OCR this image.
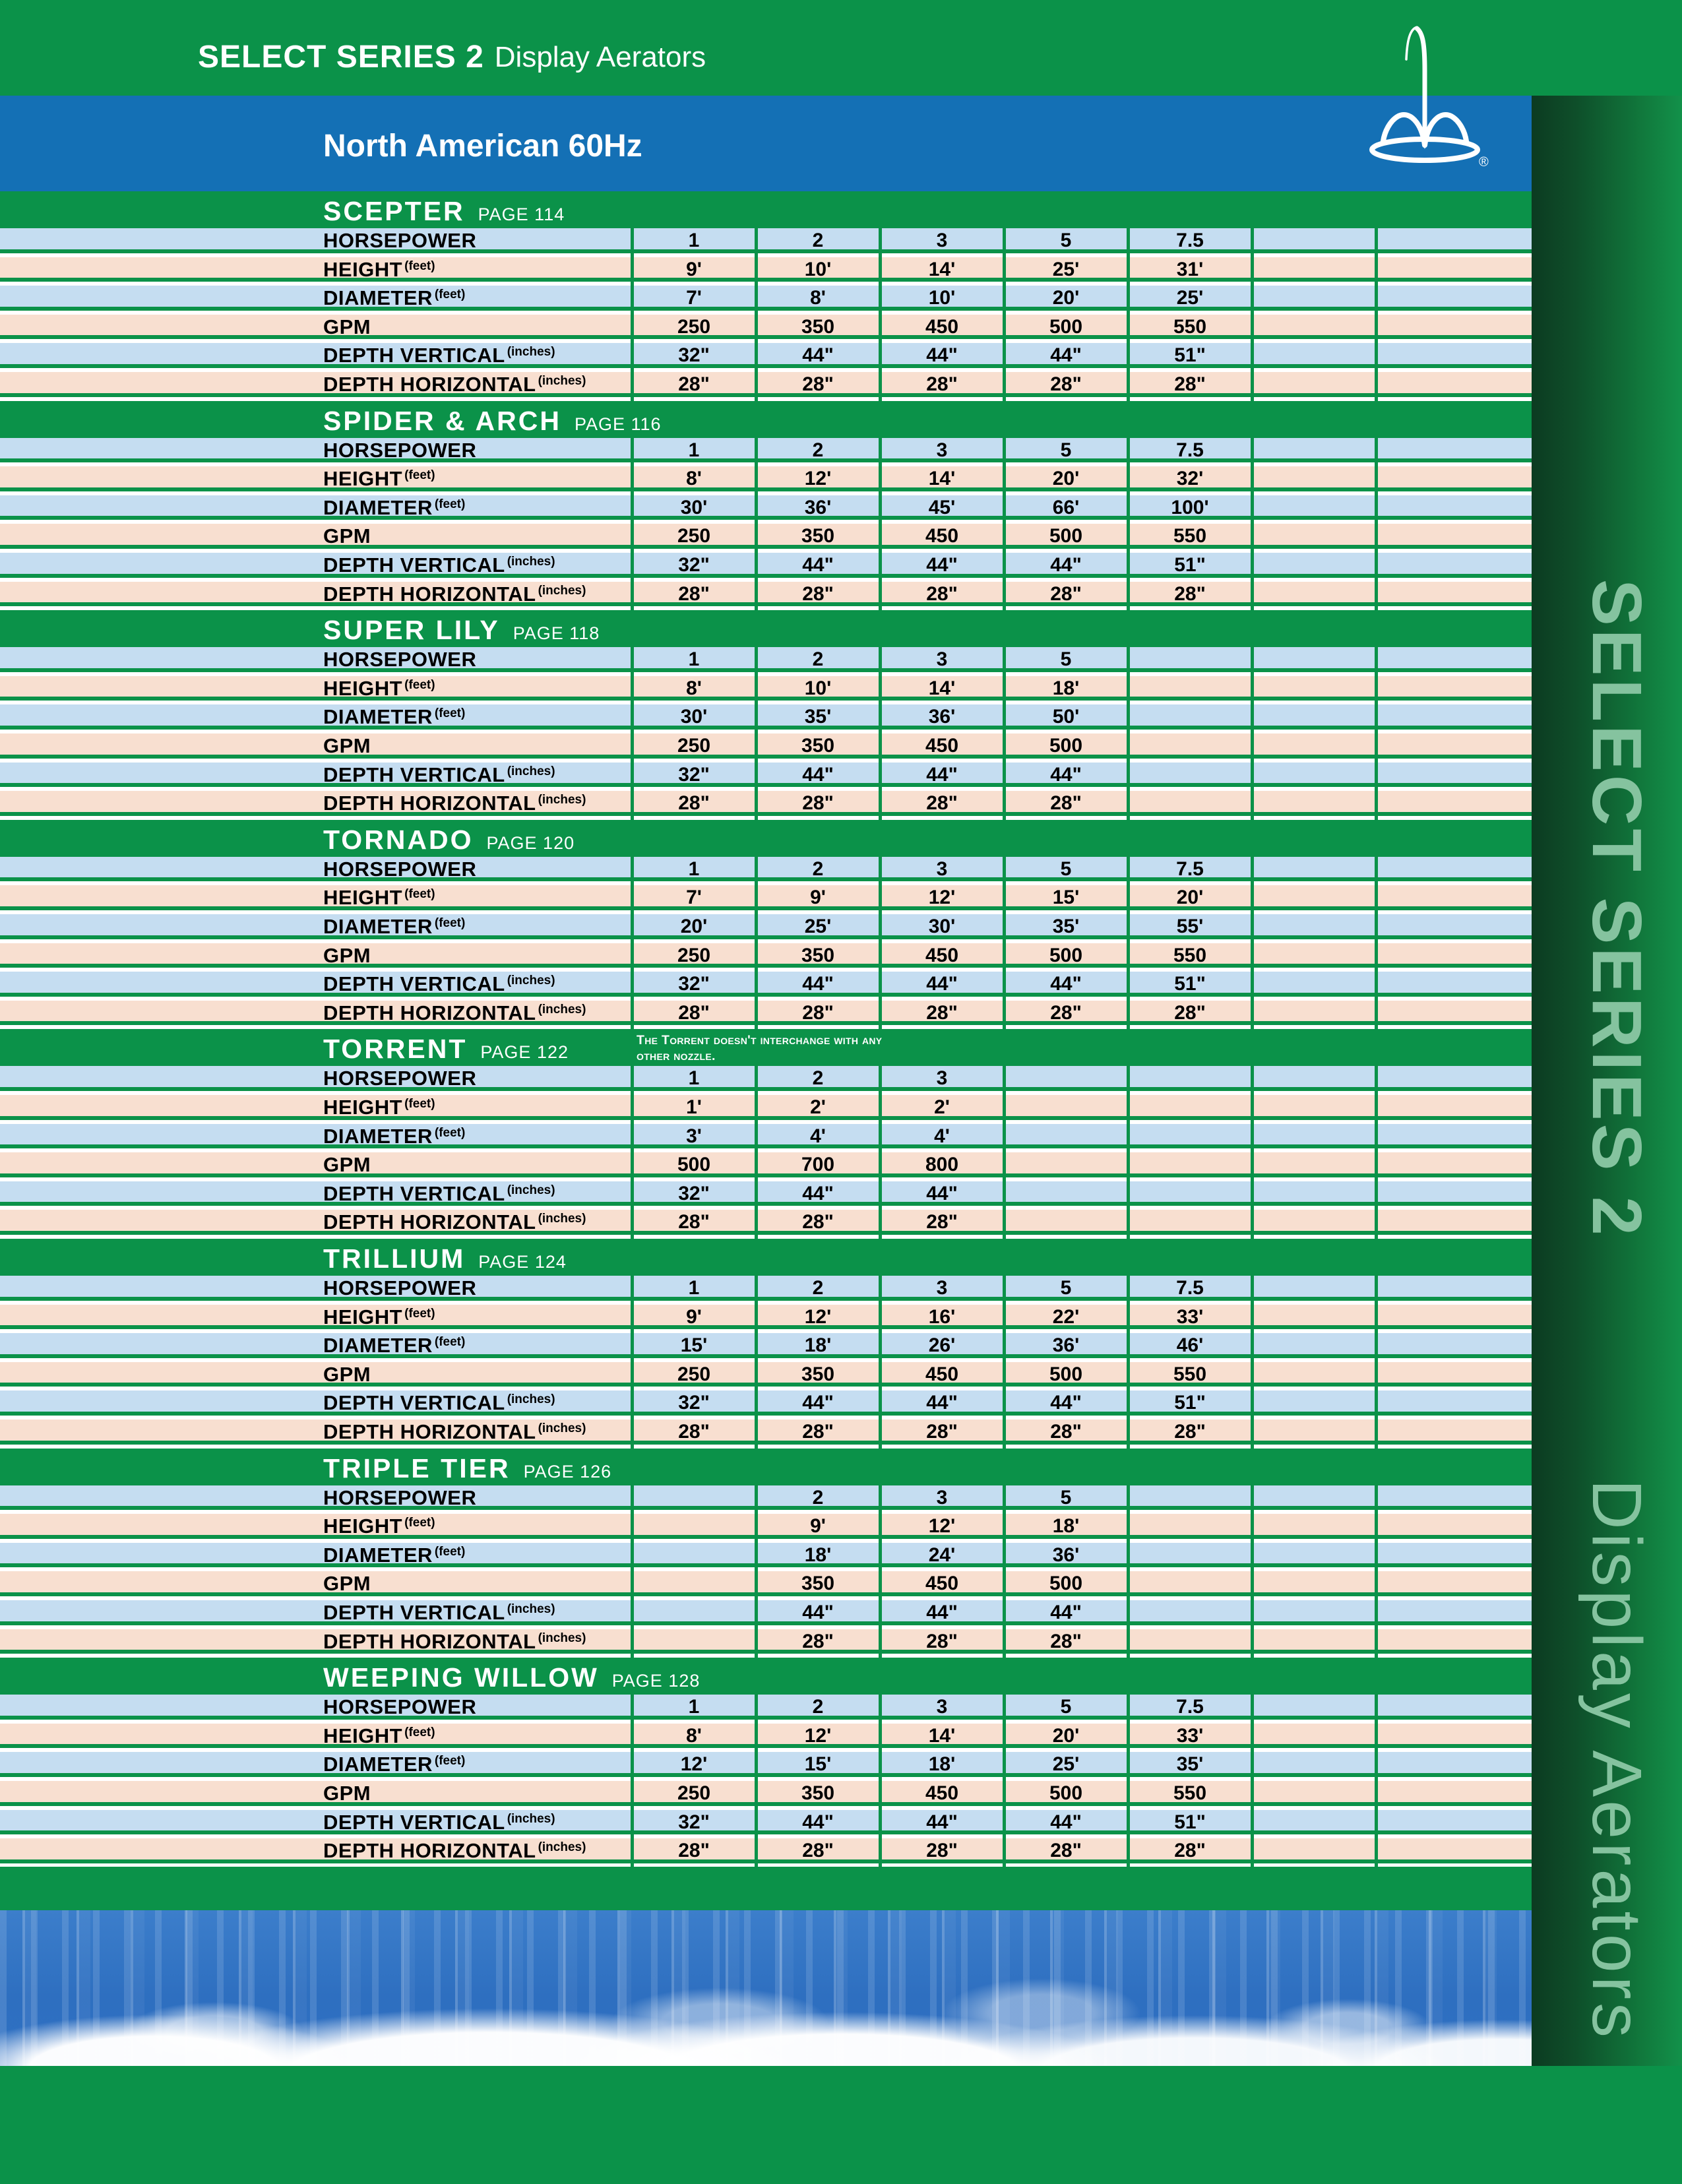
SELECT SERIES 2 Display Aerators
North American 60Hz	®
SCEPTER PAGE 114
HORSEPOWER	1	2	3	5	7.5
HEIGHT $^{(feet)}$	9'	10'	14'	25'	31'
DIAMETER $^{(feet)}$	7'	8'	10'	20'	25'
GPM	250	350	450	500	550
DEPTH VERTICAL $^{(inches)}$	32"	44"	44"	44"	51"
DEPTH HORIZONTAL $^{(inches)}$	28"	28"	28"	28"	28"
SPIDER & ARCH PAGE 116
HORSEPOWER	1	2	3	5	7.5
HEIGHT $^{(feet)}$	8'	12'	14'	20'	32'
DIAMETER $^{(feet)}$	30'	36'	45'	66'	100'
GPM	250	350	450	500	550
DEPTH VERTICAL $^{(inches)}$	32"	44"	44"	44"	51"
DEPTH HORIZONTAL $^{(inches)}$	28"	28"	28"	28"	28"
SUPER LILY PAGE 118
HORSEPOWER	1	2	3	5
HEIGHT $^{(feet)}$	8'	10'	14'	18'
DIAMETER $^{(feet)}$	30'	35'	36'	50'
GPM	250	350	450	500
DEPTH VERTICAL $^{(inches)}$	32"	44"	44"	44"
DEPTH HORIZONTAL $^{(inches)}$	28"	28"	28"	28"
TORNADO PAGE 120
HORSEPOWER	1	2	3	5	7.5
HEIGHT $^{(feet)}$	7'	9'	12'	15'	20'
DIAMETER $^{(feet)}$	20'	25'	30'	35'	55'
GPM	250	350	450	500	550
DEPTH VERTICAL $^{(inches)}$	32"	44"	44"	44"	51"
DEPTH HORIZONTAL $^{(inches)}$	28"	28"	28"	28"	28"
TORRENT PAGE 122
The Torrent doesn't interchange with any other nozzle.
HORSEPOWER	1	2	3
HEIGHT $^{(feet)}$	1'	2'	2'
DIAMETER $^{(feet)}$	3'	4'	4'
GPM	500	700	800
DEPTH VERTICAL $^{(inches)}$	32"	44"	44"
DEPTH HORIZONTAL $^{(inches)}$	28"	28"	28"
TRILLIUM PAGE 124
HORSEPOWER	1	2	3	5	7.5
HEIGHT $^{(feet)}$	9'	12'	16'	22'	33'
DIAMETER $^{(feet)}$	15'	18'	26'	36'	46'
GPM	250	350	450	500	550
DEPTH VERTICAL $^{(inches)}$	32"	44"	44"	44"	51"
DEPTH HORIZONTAL $^{(inches)}$	28"	28"	28"	28"	28"
TRIPLE TIER PAGE 126
HORSEPOWER	2	3	5
HEIGHT $^{(feet)}$	9'	12'	18'
DIAMETER $^{(feet)}$	18'	24'	36'
GPM	350	450	500
DEPTH VERTICAL $^{(inches)}$	44"	44"	44"
DEPTH HORIZONTAL $^{(inches)}$	28"	28"	28"
WEEPING WILLOW PAGE 128
HORSEPOWER	1	2	3	5	7.5
HEIGHT $^{(feet)}$	8'	12'	14'	20'	33'
DIAMETER $^{(feet)}$	12'	15'	18'	25'	35'
GPM	250	350	450	500	550
DEPTH VERTICAL $^{(inches)}$	32"	44"	44"	44"	51"
DEPTH HORIZONTAL $^{(inches)}$	28"	28"	28"	28"	28"
SELECT SERIES 2 Display Aerators
